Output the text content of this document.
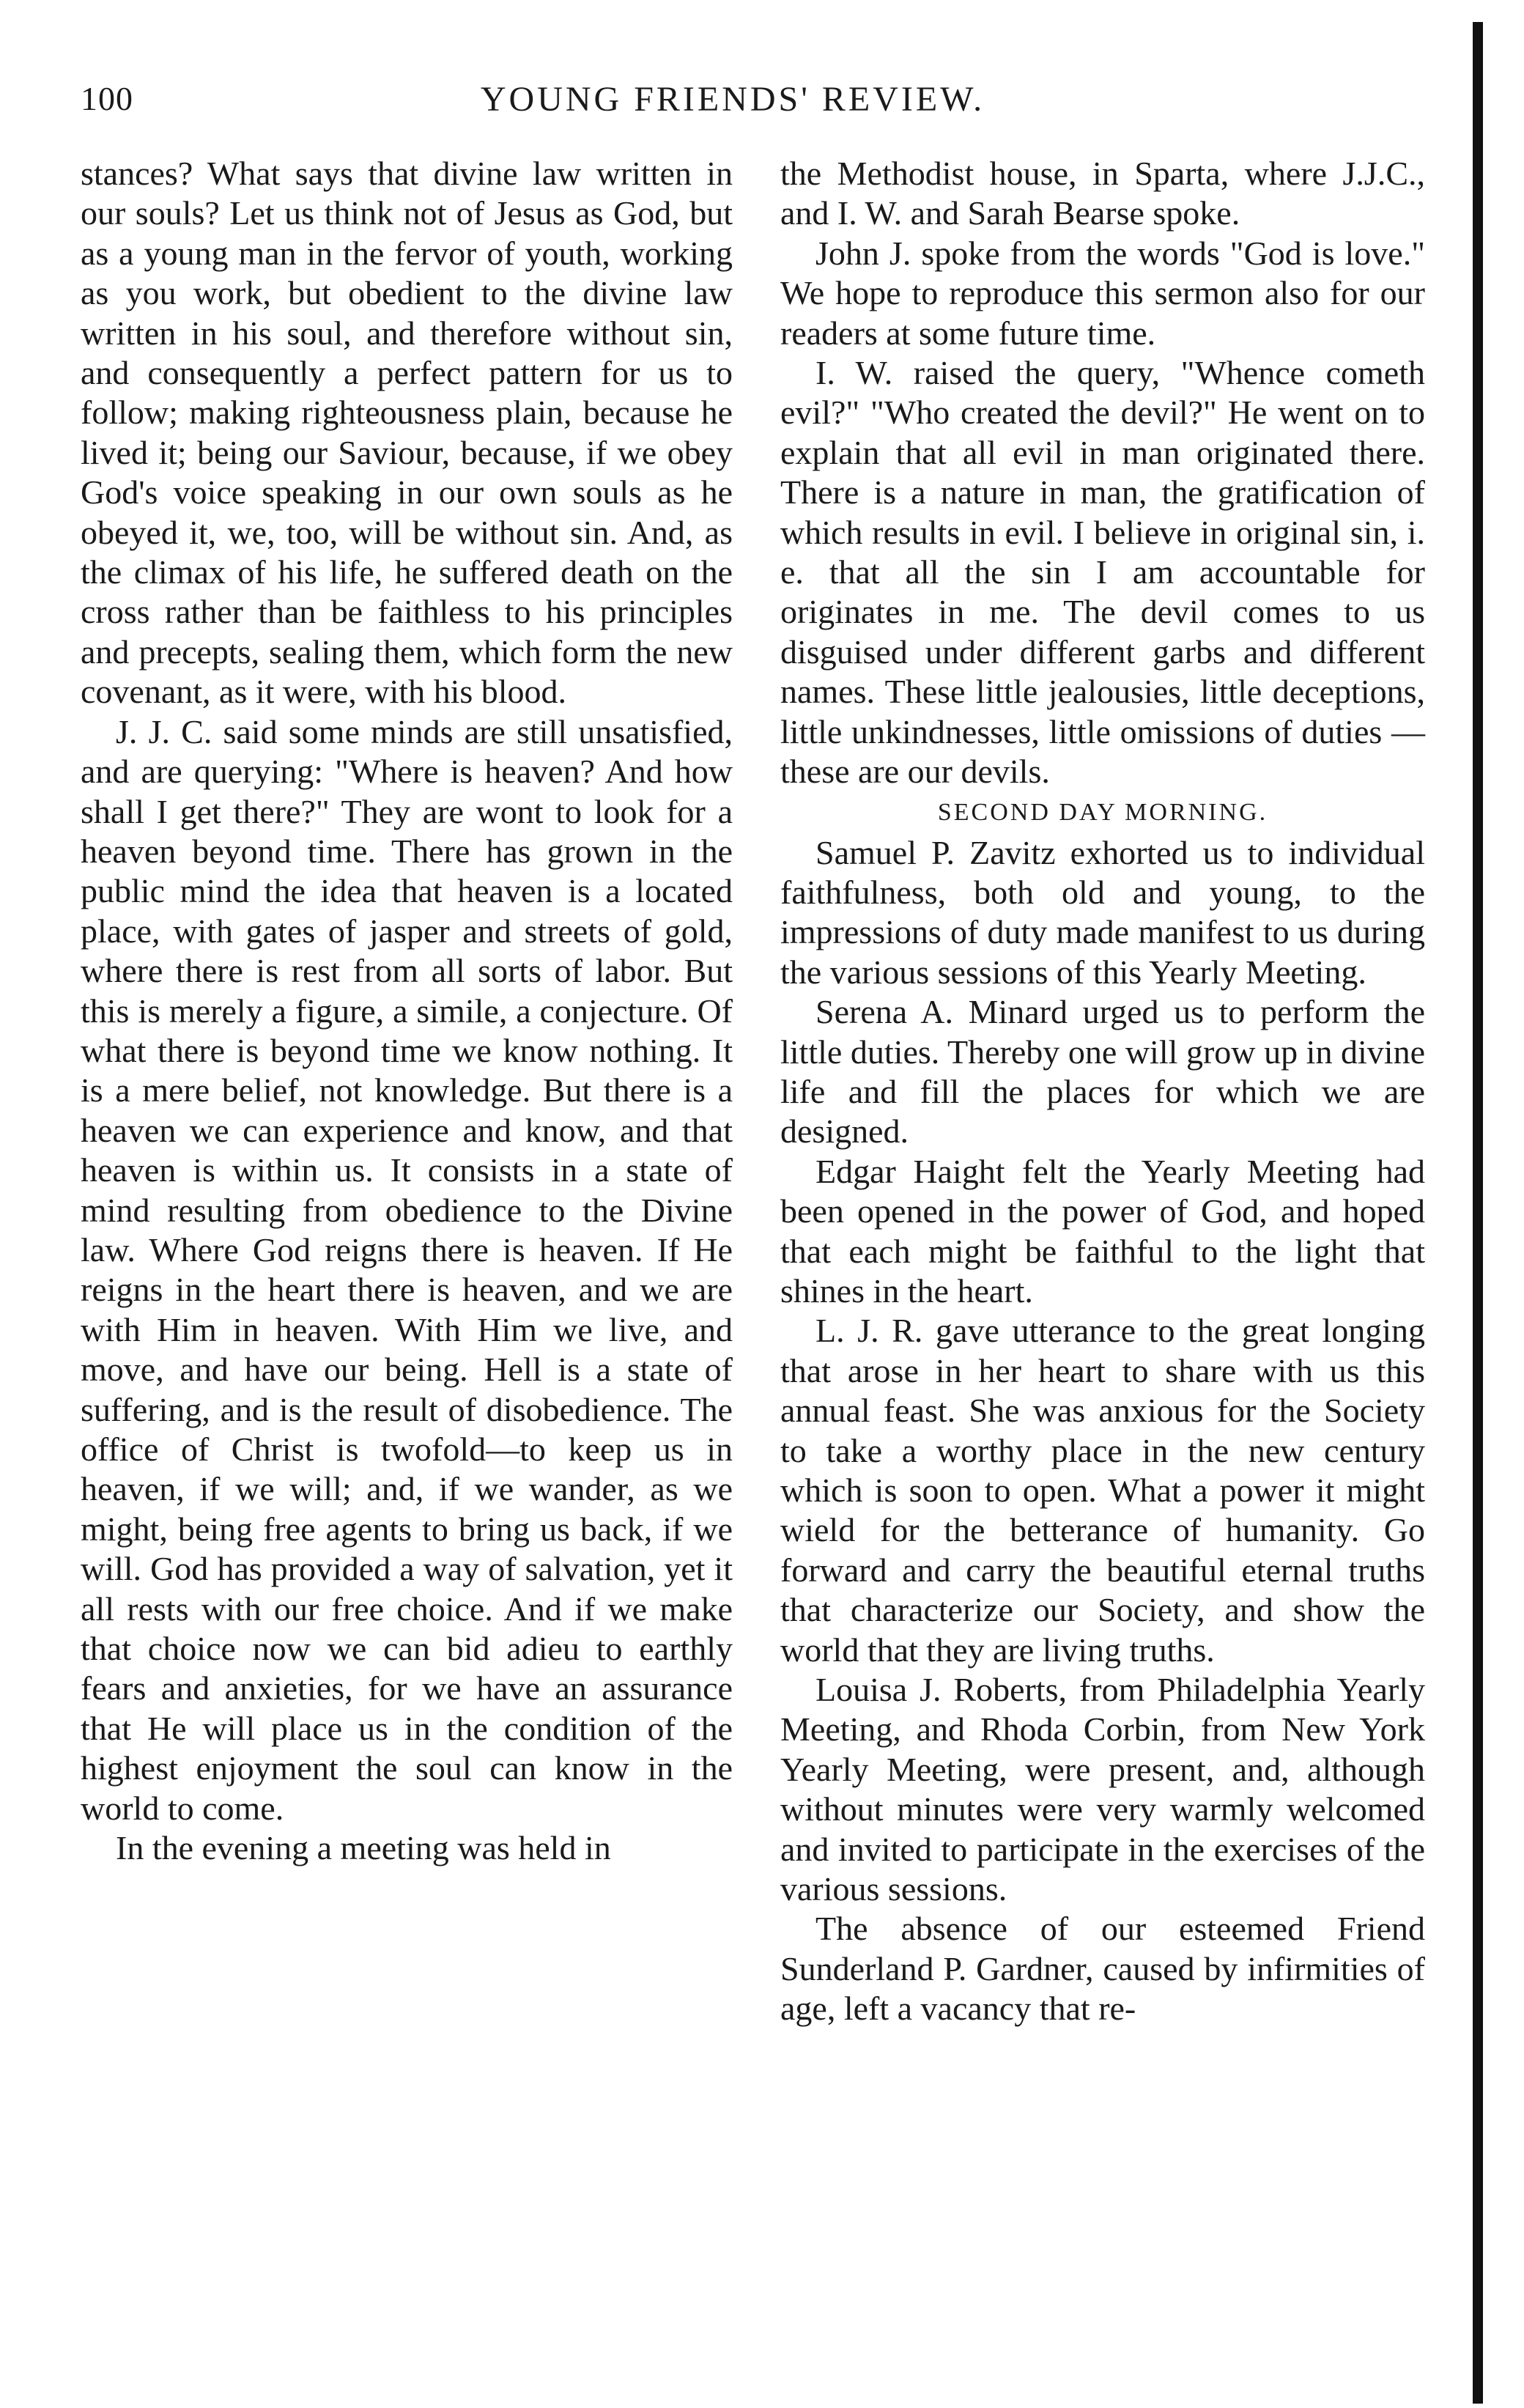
100	YOUNG FRIENDS' REVIEW.

stances? What says that divine law written in our souls? Let us think not of Jesus as God, but as a young man in the fervor of youth, working as you work, but obedient to the divine law written in his soul, and therefore without sin, and consequently a perfect pattern for us to follow; making righteousness plain, because he lived it; being our Saviour, because, if we obey God's voice speaking in our own souls as he obeyed it, we, too, will be without sin. And, as the climax of his life, he suffered death on the cross rather than be faithless to his principles and precepts, sealing them, which form the new covenant, as it were, with his blood.

J. J. C. said some minds are still unsatisfied, and are querying: "Where is heaven? And how shall I get there?" They are wont to look for a heaven beyond time. There has grown in the public mind the idea that heaven is a located place, with gates of jasper and streets of gold, where there is rest from all sorts of labor. But this is merely a figure, a simile, a conjecture. Of what there is beyond time we know nothing. It is a mere belief, not knowledge. But there is a heaven we can experience and know, and that heaven is within us. It consists in a state of mind resulting from obedience to the Divine law. Where God reigns there is heaven. If He reigns in the heart there is heaven, and we are with Him in heaven. With Him we live, and move, and have our being. Hell is a state of suffering, and is the result of disobedience. The office of Christ is twofold—to keep us in heaven, if we will; and, if we wander, as we might, being free agents to bring us back, if we will. God has provided a way of salvation, yet it all rests with our free choice. And if we make that choice now we can bid adieu to earthly fears and anxieties, for we have an assurance that He will place us in the condition of the highest enjoyment the soul can know in the world to come.

In the evening a meeting was held in

the Methodist house, in Sparta, where J.J.C., and I. W. and Sarah Bearse spoke.

John J. spoke from the words "God is love." We hope to reproduce this sermon also for our readers at some future time.

I. W. raised the query, "Whence cometh evil?" "Who created the devil?" He went on to explain that all evil in man originated there. There is a nature in man, the gratification of which results in evil. I believe in original sin, i. e. that all the sin I am accountable for originates in me. The devil comes to us disguised under different garbs and different names. These little jealousies, little deceptions, little unkindnesses, little omissions of duties —these are our devils.

SECOND DAY MORNING.

Samuel P. Zavitz exhorted us to individual faithfulness, both old and young, to the impressions of duty made manifest to us during the various sessions of this Yearly Meeting.

Serena A. Minard urged us to perform the little duties. Thereby one will grow up in divine life and fill the places for which we are designed.

Edgar Haight felt the Yearly Meeting had been opened in the power of God, and hoped that each might be faithful to the light that shines in the heart.

L. J. R. gave utterance to the great longing that arose in her heart to share with us this annual feast. She was anxious for the Society to take a worthy place in the new century which is soon to open. What a power it might wield for the betterance of humanity. Go forward and carry the beautiful eternal truths that characterize our Society, and show the world that they are living truths.

Louisa J. Roberts, from Philadelphia Yearly Meeting, and Rhoda Corbin, from New York Yearly Meeting, were present, and, although without minutes were very warmly welcomed and invited to participate in the exercises of the various sessions.

The absence of our esteemed Friend Sunderland P. Gardner, caused by infirmities of age, left a vacancy that re-
